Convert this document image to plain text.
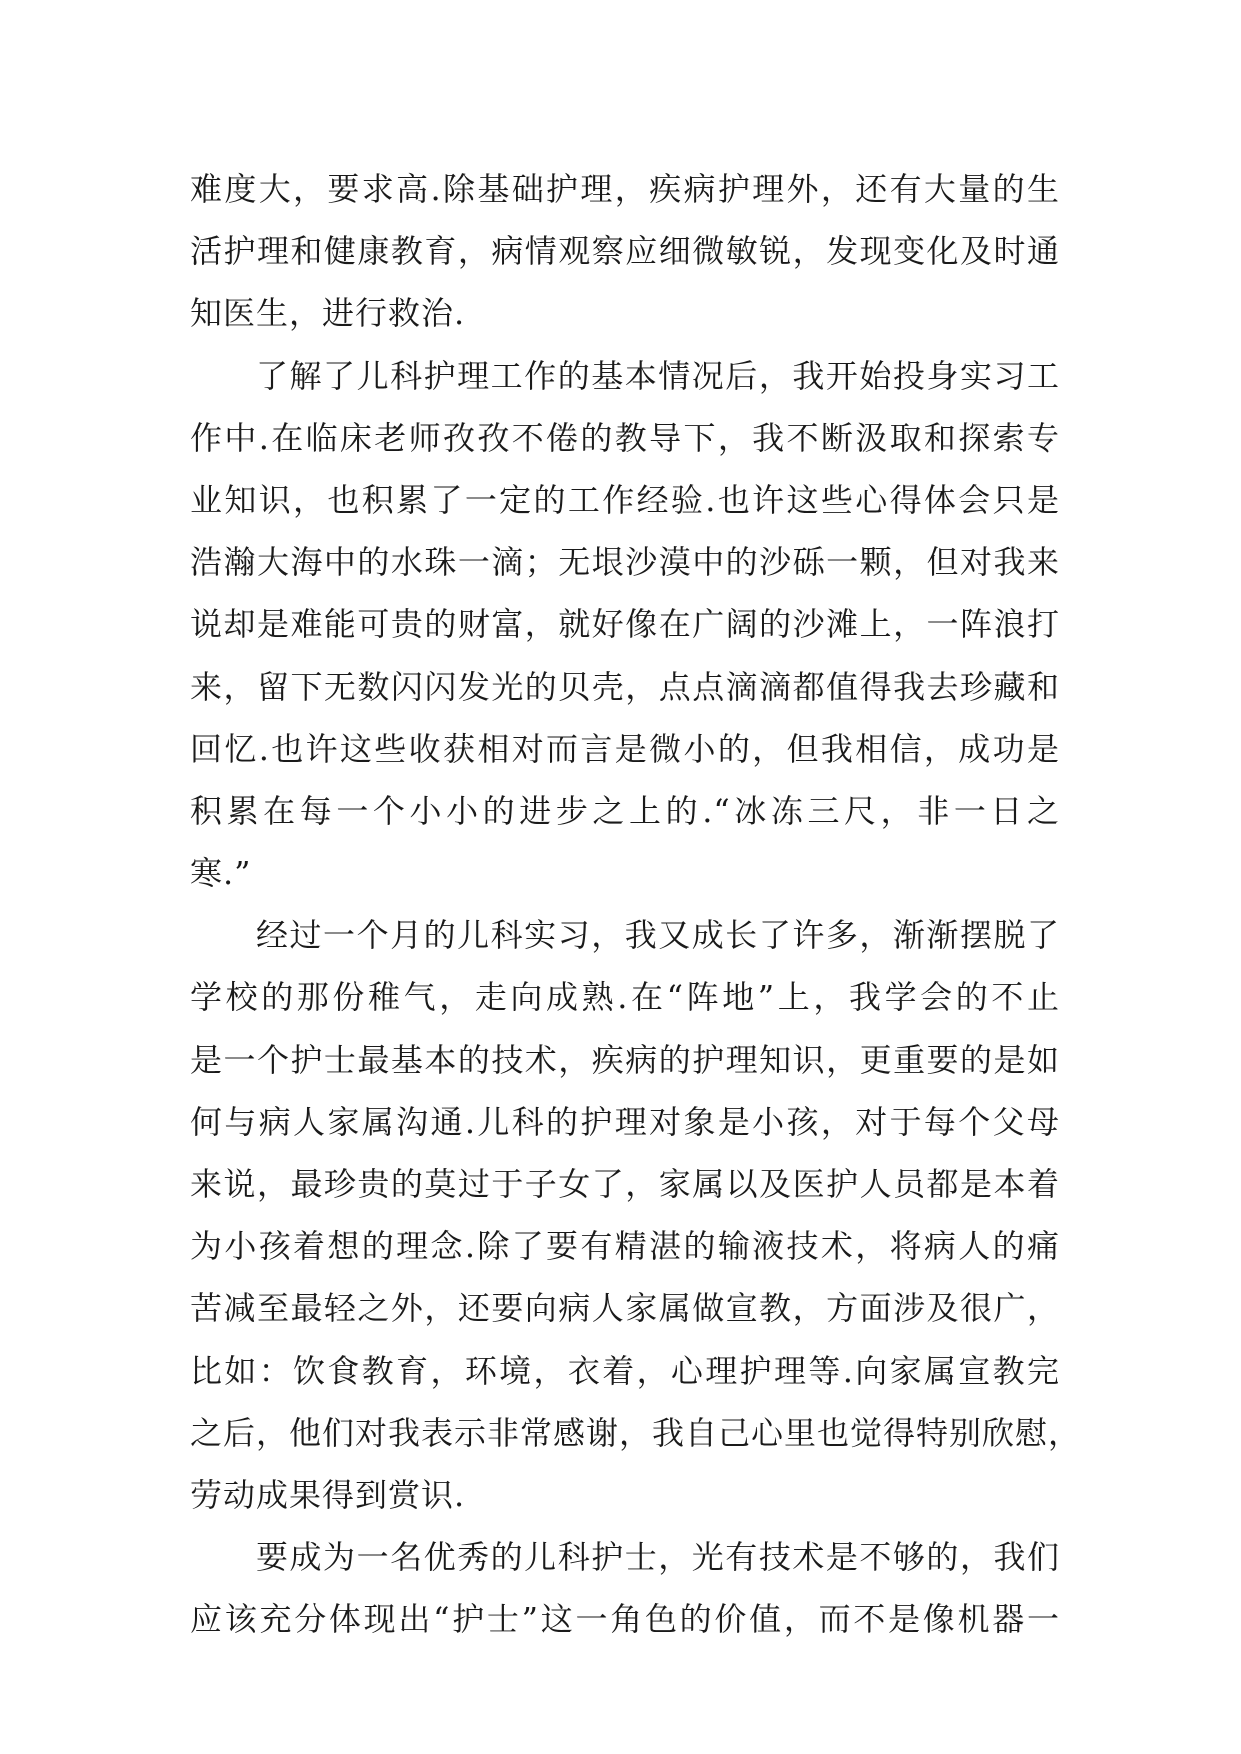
难度大，要求高.除基础护理，疾病护理外，还有大量的生
活护理和健康教育，病情观察应细微敏锐，发现变化及时通
知医生，进行救治.
了解了儿科护理工作的基本情况后，我开始投身实习工
作中.在临床老师孜孜不倦的教导下，我不断汲取和探索专
业知识，也积累了一定的工作经验.也许这些心得体会只是
浩瀚大海中的水珠一滴；无垠沙漠中的沙砾一颗，但对我来
说却是难能可贵的财富，就好像在广阔的沙滩上，一阵浪打
来，留下无数闪闪发光的贝壳，点点滴滴都值得我去珍藏和
回忆.也许这些收获相对而言是微小的，但我相信，成功是
积累在每一个小小的进步之上的.“冰冻三尺，非一日之
寒.”
经过一个月的儿科实习，我又成长了许多，渐渐摆脱了
学校的那份稚气，走向成熟.在“阵地”上，我学会的不止
是一个护士最基本的技术，疾病的护理知识，更重要的是如
何与病人家属沟通.儿科的护理对象是小孩，对于每个父母
来说，最珍贵的莫过于子女了，家属以及医护人员都是本着
为小孩着想的理念.除了要有精湛的输液技术，将病人的痛
苦减至最轻之外，还要向病人家属做宣教，方面涉及很广，
比如：饮食教育，环境，衣着，心理护理等.向家属宣教完
之后，他们对我表示非常感谢，我自己心里也觉得特别欣慰，
劳动成果得到赏识.
要成为一名优秀的儿科护士，光有技术是不够的，我们
应该充分体现出“护士”这一角色的价值，而不是像机器一
